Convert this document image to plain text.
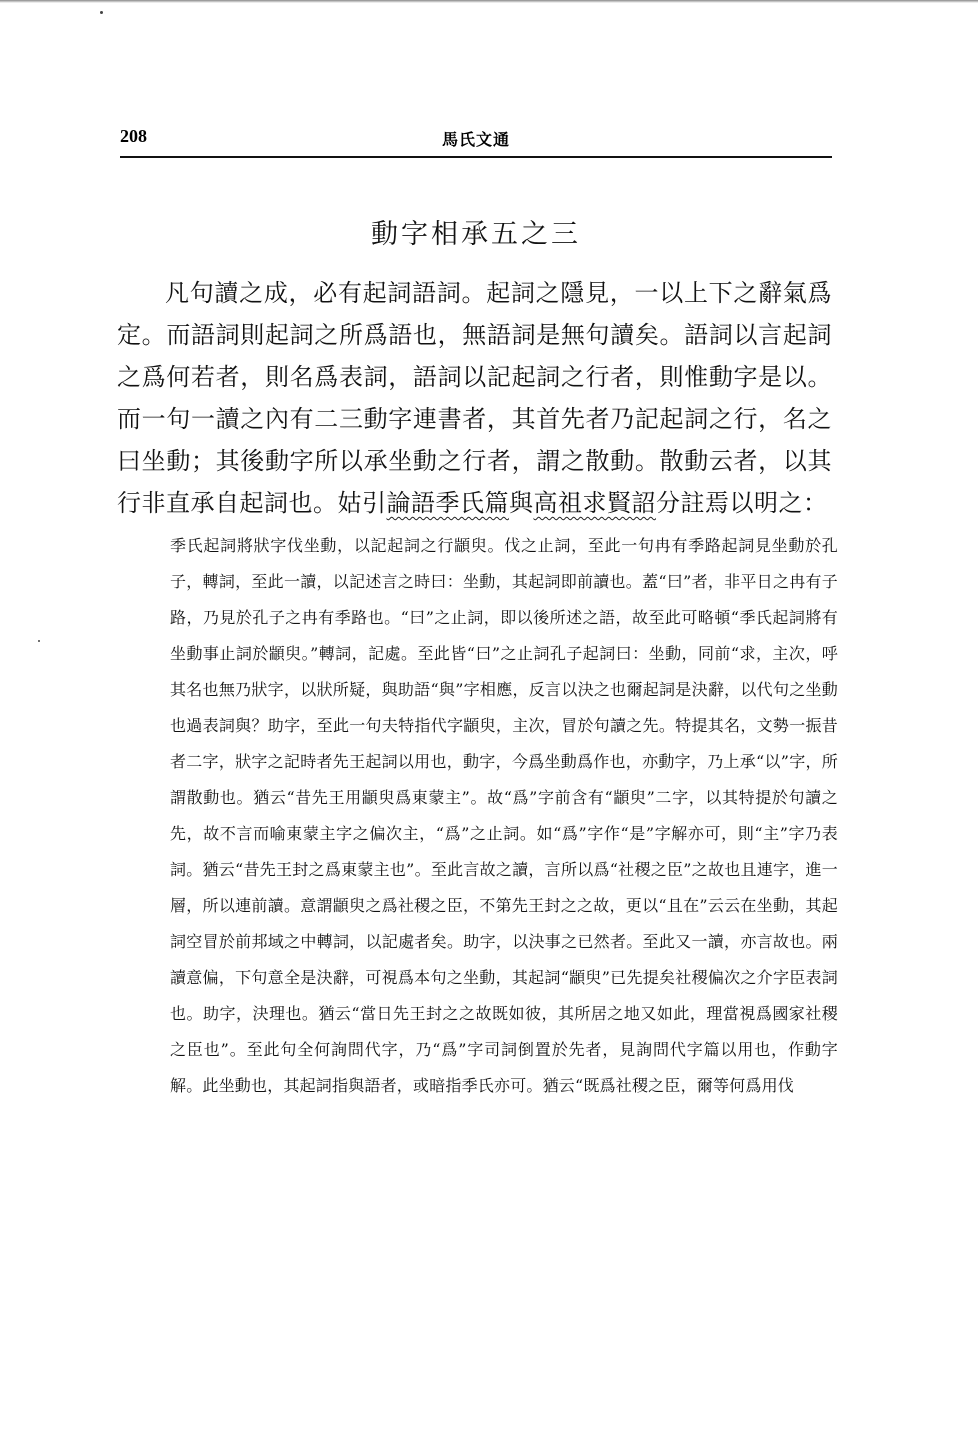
208	馬氏文通
動字相承五之三

凡句讀之成，必有起詞語詞。起詞之隱見，一以上下之辭氣爲定。而語詞則起詞之所爲語也，無語詞是無句讀矣。語詞以言起詞之爲何若者，則名爲表詞，語詞以記起詞之行者，則惟動字是以。而一句一讀之內有二三動字連書者，其首先者乃記起詞之行，名之曰坐動；其後動字所以承坐動之行者，謂之散動。散動云者，以其行非直承自起詞也。姑引論語季氏篇與高祖求賢詔分註焉以明之：

季氏起詞將狀字伐坐動，以記起詞之行顓臾。伐之止詞，至此一句冉有季路起詞見坐動於孔子，轉詞，至此一讀，以記述言之時曰：坐動，其起詞即前讀也。蓋“曰”者，非平日之冉有子路，乃見於孔子之冉有季路也。“曰”之止詞，即以後所述之語，故至此可略頓“季氏起詞將有坐動事止詞於顓臾。”轉詞，記處。至此皆“曰”之止詞孔子起詞曰：坐動，同前“求，主次，呼其名也無乃狀字，以狀所疑，與助語“與”字相應，反言以決之也爾起詞是決辭，以代句之坐動也過表詞與？助字，至此一句夫特指代字顓臾，主次，冒於句讀之先。特提其名，文勢一振昔者二字，狀字之記時者先王起詞以用也，動字，今爲坐動爲作也，亦動字，乃上承“以”字，所謂散動也。猶云“昔先王用顓臾爲東蒙主”。故“爲”字前含有“顓臾”二字，以其特提於句讀之先，故不言而喻東蒙主字之偏次主，“爲”之止詞。如“爲”字作“是”字解亦可，則“主”字乃表詞。猶云“昔先王封之爲東蒙主也”。至此言故之讀，言所以爲“社稷之臣”之故也且連字，進一層，所以連前讀。意謂顓臾之爲社稷之臣，不第先王封之之故，更以“且在”云云在坐動，其起詞空冒於前邦域之中轉詞，以記處者矣。助字，以決事之已然者。至此又一讀，亦言故也。兩讀意偏，下句意全是決辭，可視爲本句之坐動，其起詞“顓臾”已先提矣社稷偏次之介字臣表詞也。助字，決理也。猶云“當日先王封之之故既如彼，其所居之地又如此，理當視爲國家社稷之臣也”。至此句全何詢問代字，乃“爲”字司詞倒置於先者，見詢問代字篇以用也，作動字解。此坐動也，其起詞指與語者，或暗指季氏亦可。猶云“既爲社稷之臣，爾等何爲用伐
